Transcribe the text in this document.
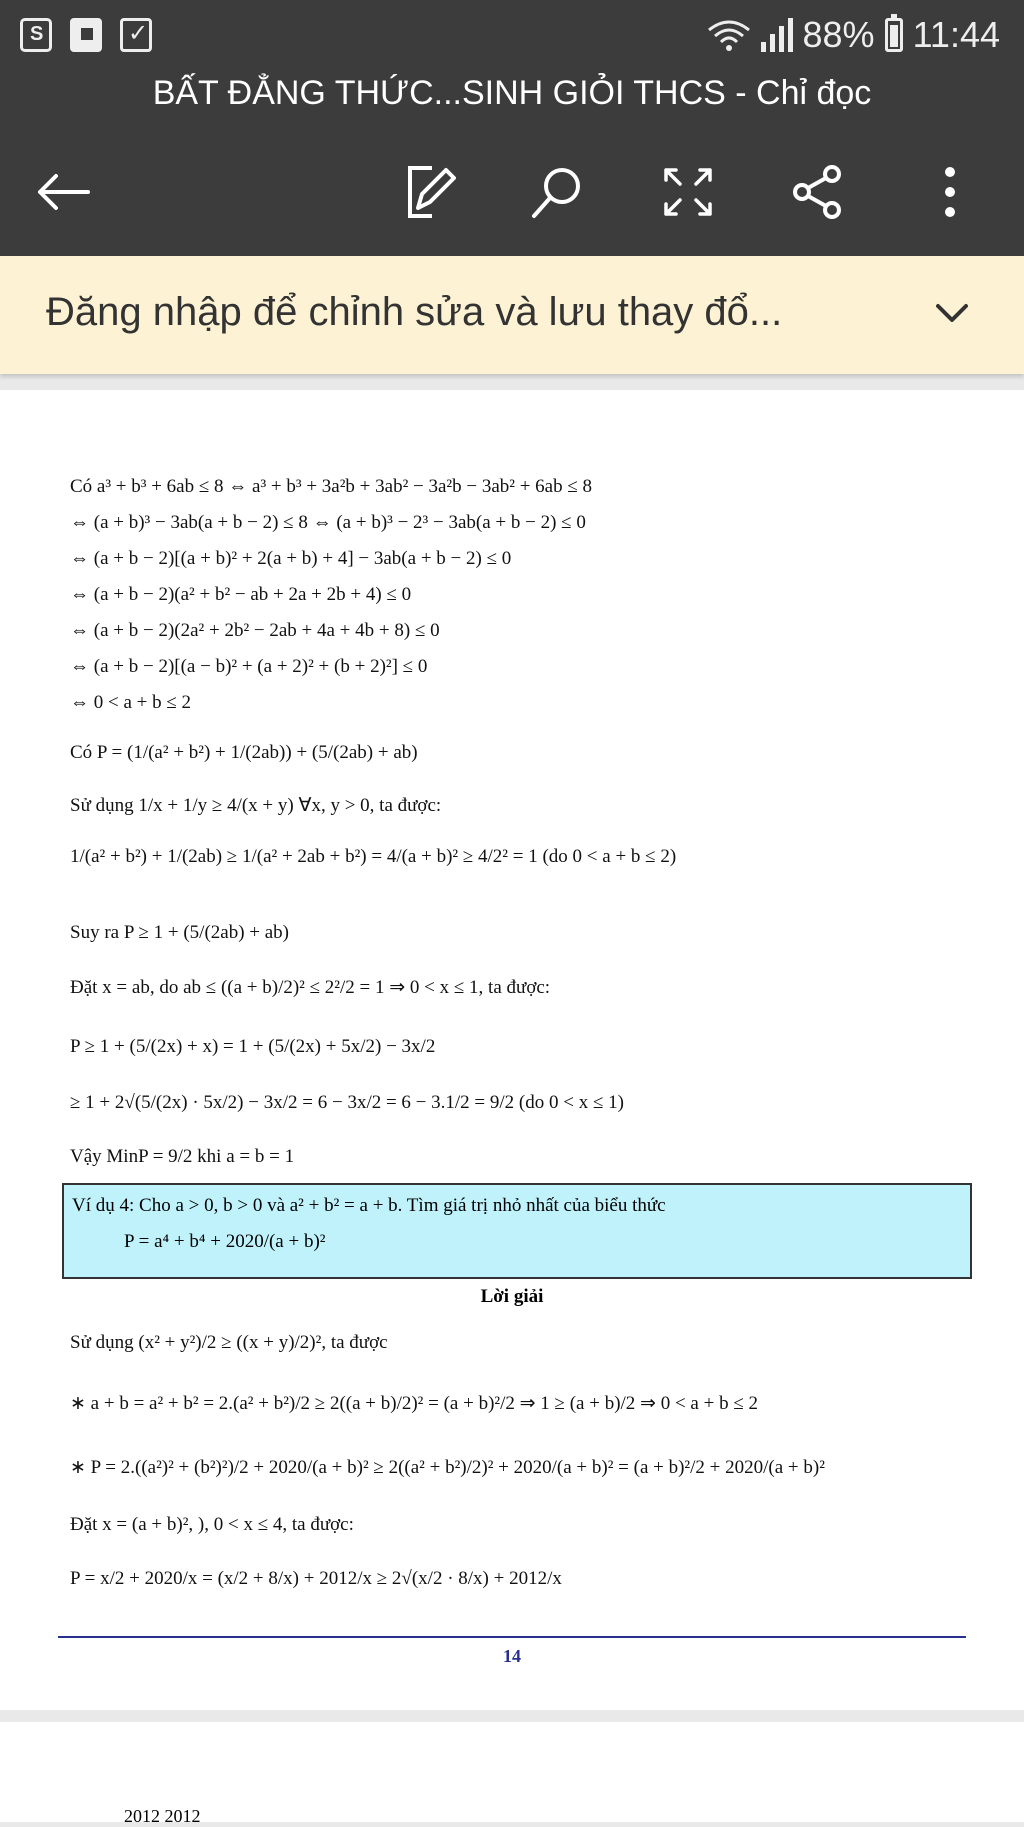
S
✓
88% 11:44
BẤT ĐẲNG THỨC...SINH GIỎI THCS - Chỉ đọc
Đăng nhập để chỉnh sửa và lưu thay đổ...
Có a³ + b³ + 6ab ≤ 8 ⇔ a³ + b³ + 3a²b + 3ab² − 3a²b − 3ab² + 6ab ≤ 8
⇔ (a + b)³ − 3ab(a + b − 2) ≤ 8 ⇔ (a + b)³ − 2³ − 3ab(a + b − 2) ≤ 0
⇔ (a + b − 2)[(a + b)² + 2(a + b) + 4] − 3ab(a + b − 2) ≤ 0
⇔ (a + b − 2)(a² + b² − ab + 2a + 2b + 4) ≤ 0
⇔ (a + b − 2)(2a² + 2b² − 2ab + 4a + 4b + 8) ≤ 0
⇔ (a + b − 2)[(a − b)² + (a + 2)² + (b + 2)²] ≤ 0
⇔ 0 < a + b ≤ 2
Có P = (1/(a² + b²) + 1/(2ab)) + (5/(2ab) + ab)
Sử dụng 1/x + 1/y ≥ 4/(x + y) ∀x, y > 0, ta được:
1/(a² + b²) + 1/(2ab) ≥ 1/(a² + 2ab + b²) = 4/(a + b)² ≥ 4/2² = 1 (do 0 < a + b ≤ 2)
Suy ra P ≥ 1 + (5/(2ab) + ab)
Đặt x = ab, do ab ≤ ((a + b)/2)² ≤ 2²/2 = 1 ⇒ 0 < x ≤ 1, ta được:
P ≥ 1 + (5/(2x) + x) = 1 + (5/(2x) + 5x/2) − 3x/2
≥ 1 + 2√(5/(2x) · 5x/2) − 3x/2 = 6 − 3x/2 = 6 − 3.1/2 = 9/2 (do 0 < x ≤ 1)
Vậy MinP = 9/2 khi a = b = 1
Ví dụ 4: Cho a > 0, b > 0 và a² + b² = a + b. Tìm giá trị nhỏ nhất của biểu thức
P = a⁴ + b⁴ + 2020/(a + b)²
Lời giải
Sử dụng (x² + y²)/2 ≥ ((x + y)/2)², ta được
∗ a + b = a² + b² = 2.(a² + b²)/2 ≥ 2((a + b)/2)² = (a + b)²/2 ⇒ 1 ≥ (a + b)/2 ⇒ 0 < a + b ≤ 2
∗ P = 2.((a²)² + (b²)²)/2 + 2020/(a + b)² ≥ 2((a² + b²)/2)² + 2020/(a + b)² = (a + b)²/2 + 2020/(a + b)²
Đặt x = (a + b)², ), 0 < x ≤ 4, ta được:
P = x/2 + 2020/x = (x/2 + 8/x) + 2012/x ≥ 2√(x/2 · 8/x) + 2012/x
14
2012 2012
